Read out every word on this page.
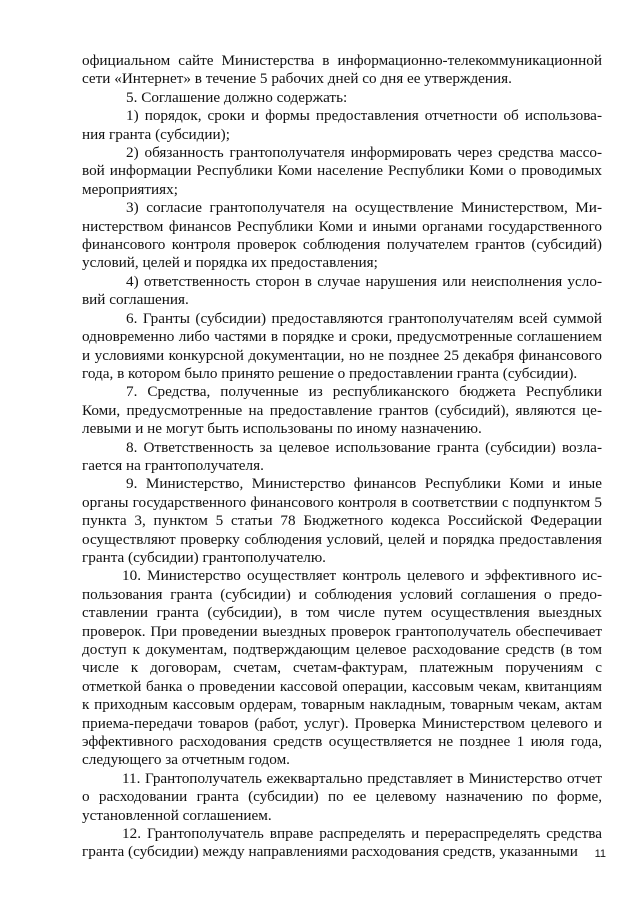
официальном сайте Министерства в информационно-телекоммуникационной сети «Интернет» в течение 5 рабочих дней со дня ее утверждения.

5. Соглашение должно содержать:

1) порядок, сроки и формы предоставления отчетности об использования гранта (субсидии);

2) обязанность грантополучателя информировать через средства массовой информации Республики Коми население Республики Коми о проводимых мероприятиях;

3) согласие грантополучателя на осуществление Министерством, Министерством финансов Республики Коми и иными органами государственного финансового контроля проверок соблюдения получателем грантов (субсидий) условий, целей и порядка их предоставления;

4) ответственность сторон в случае нарушения или неисполнения условий соглашения.

6. Гранты (субсидии) предоставляются грантополучателям всей суммой одновременно либо частями в порядке и сроки, предусмотренные соглашением и условиями конкурсной документации, но не позднее 25 декабря финансового года, в котором было принято решение о предоставлении гранта (субсидии).

7. Средства, полученные из республиканского бюджета Республики Коми, предусмотренные на предоставление грантов (субсидий), являются целевыми и не могут быть использованы по иному назначению.

8. Ответственность за целевое использование гранта (субсидии) возлагается на грантополучателя.

9. Министерство, Министерство финансов Республики Коми и иные органы государственного финансового контроля в соответствии с подпунктом 5 пункта 3, пунктом 5 статьи 78 Бюджетного кодекса Российской Федерации осуществляют проверку соблюдения условий, целей и порядка предоставления гранта (субсидии) грантополучателю.

10. Министерство осуществляет контроль целевого и эффективного использования гранта (субсидии) и соблюдения условий соглашения о предоставлении гранта (субсидии), в том числе путем осуществления выездных проверок. При проведении выездных проверок грантополучатель обеспечивает доступ к документам, подтверждающим целевое расходование средств (в том числе к договорам, счетам, счетам-фактурам, платежным поручениям с отметкой банка о проведении кассовой операции, кассовым чекам, квитанциям к приходным кассовым ордерам, товарным накладным, товарным чекам, актам приема-передачи товаров (работ, услуг). Проверка Министерством целевого и эффективного расходования средств осуществляется не позднее 1 июля года, следующего за отчетным годом.

11. Грантополучатель ежеквартально представляет в Министерство отчет о расходовании гранта (субсидии) по ее целевому назначению по форме, установленной соглашением.

12. Грантополучатель вправе распределять и перераспределять средства гранта (субсидии) между направлениями расходования средств, указанными	11
